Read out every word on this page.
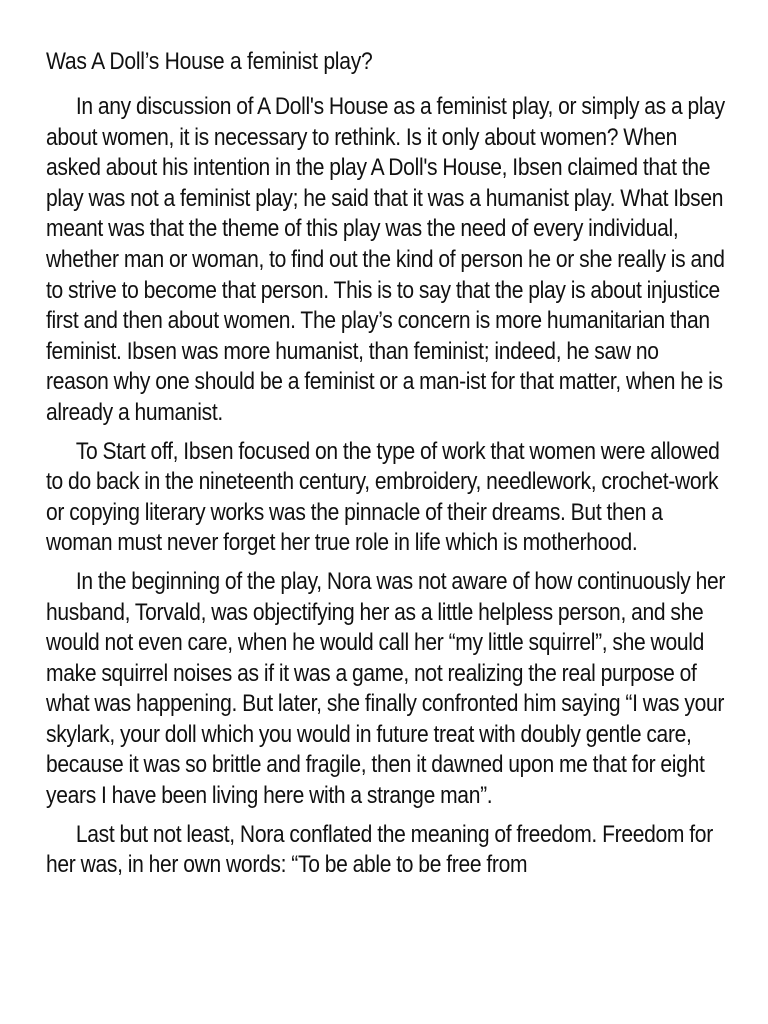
Was A Doll’s House a feminist play?

In any discussion of A Doll's House as a feminist play, or simply as a play about women, it is necessary to rethink. Is it only about women? When asked about his intention in the play A Doll's House, Ibsen claimed that the play was not a feminist play; he said that it was a humanist play. What Ibsen meant was that the theme of this play was the need of every individual, whether man or woman, to find out the kind of person he or she really is and to strive to become that person. This is to say that the play is about injustice first and then about women. The play’s concern is more humanitarian than feminist. Ibsen was more humanist, than feminist; indeed, he saw no reason why one should be a feminist or a man-ist for that matter, when he is already a humanist.

To Start off, Ibsen focused on the type of work that women were allowed to do back in the nineteenth century, embroidery, needlework, crochet-work or copying literary works was the pinnacle of their dreams. But then a woman must never forget her true role in life which is motherhood.

In the beginning of the play, Nora was not aware of how continuously her husband, Torvald, was objectifying her as a little helpless person, and she would not even care, when he would call her “my little squirrel”, she would make squirrel noises as if it was a game, not realizing the real purpose of what was happening. But later, she finally confronted him saying “I was your skylark, your doll which you would in future treat with doubly gentle care, because it was so brittle and fragile, then it dawned upon me that for eight years I have been living here with a strange man”.

Last but not least, Nora conflated the meaning of freedom. Freedom for her was, in her own words: “To be able to be free from
